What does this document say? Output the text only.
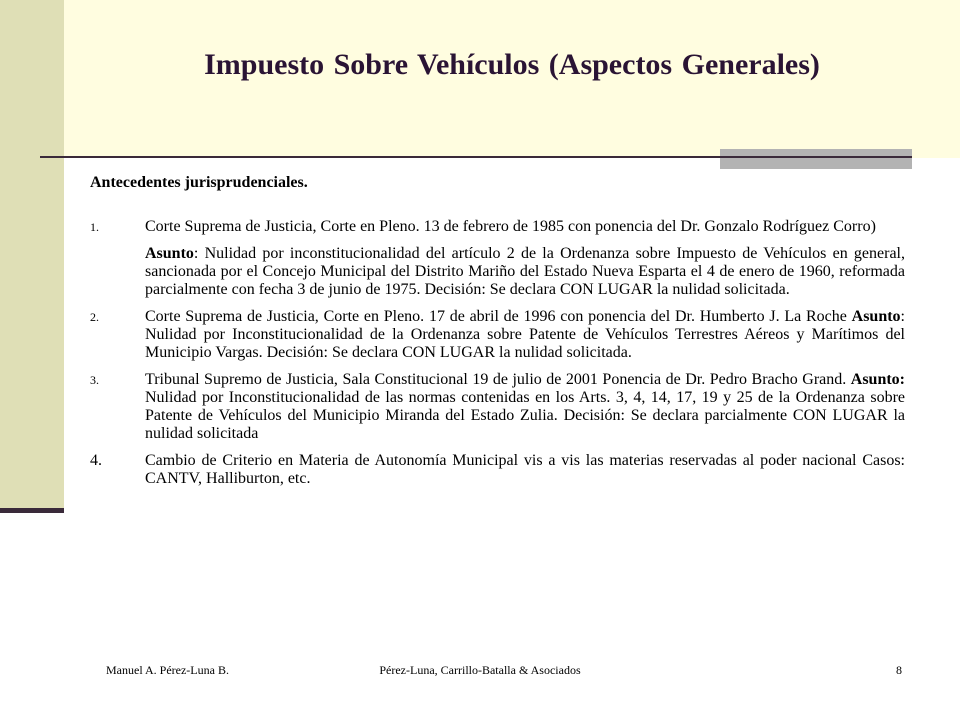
Impuesto Sobre Vehículos (Aspectos Generales)
Antecedentes jurisprudenciales.
1.	Corte Suprema de Justicia, Corte en Pleno. 13 de febrero de 1985 con ponencia del Dr. Gonzalo Rodríguez Corro)
Asunto: Nulidad por inconstitucionalidad del artículo 2 de la Ordenanza sobre Impuesto de Vehículos en general, sancionada por el Concejo Municipal del Distrito Mariño del Estado Nueva Esparta el 4 de enero de 1960, reformada parcialmente con fecha 3 de junio de 1975. Decisión: Se declara CON LUGAR la nulidad solicitada.
2.	Corte Suprema de Justicia, Corte en Pleno. 17 de abril de 1996 con ponencia del Dr. Humberto J. La Roche Asunto: Nulidad por Inconstitucionalidad de la Ordenanza sobre Patente de Vehículos Terrestres Aéreos y Marítimos del Municipio Vargas. Decisión: Se declara CON LUGAR la nulidad solicitada.
3.	Tribunal Supremo de Justicia, Sala Constitucional 19 de julio de 2001 Ponencia de Dr. Pedro Bracho Grand. Asunto: Nulidad por Inconstitucionalidad de las normas contenidas en los Arts. 3, 4, 14, 17, 19 y 25 de la Ordenanza sobre Patente de Vehículos del Municipio Miranda del Estado Zulia. Decisión: Se declara parcialmente CON LUGAR la nulidad solicitada
4.	Cambio de Criterio en Materia de Autonomía Municipal vis a vis las materias reservadas al poder nacional Casos: CANTV, Halliburton, etc.
Manuel A. Pérez-Luna B.	Pérez-Luna, Carrillo-Batalla & Asociados	8
